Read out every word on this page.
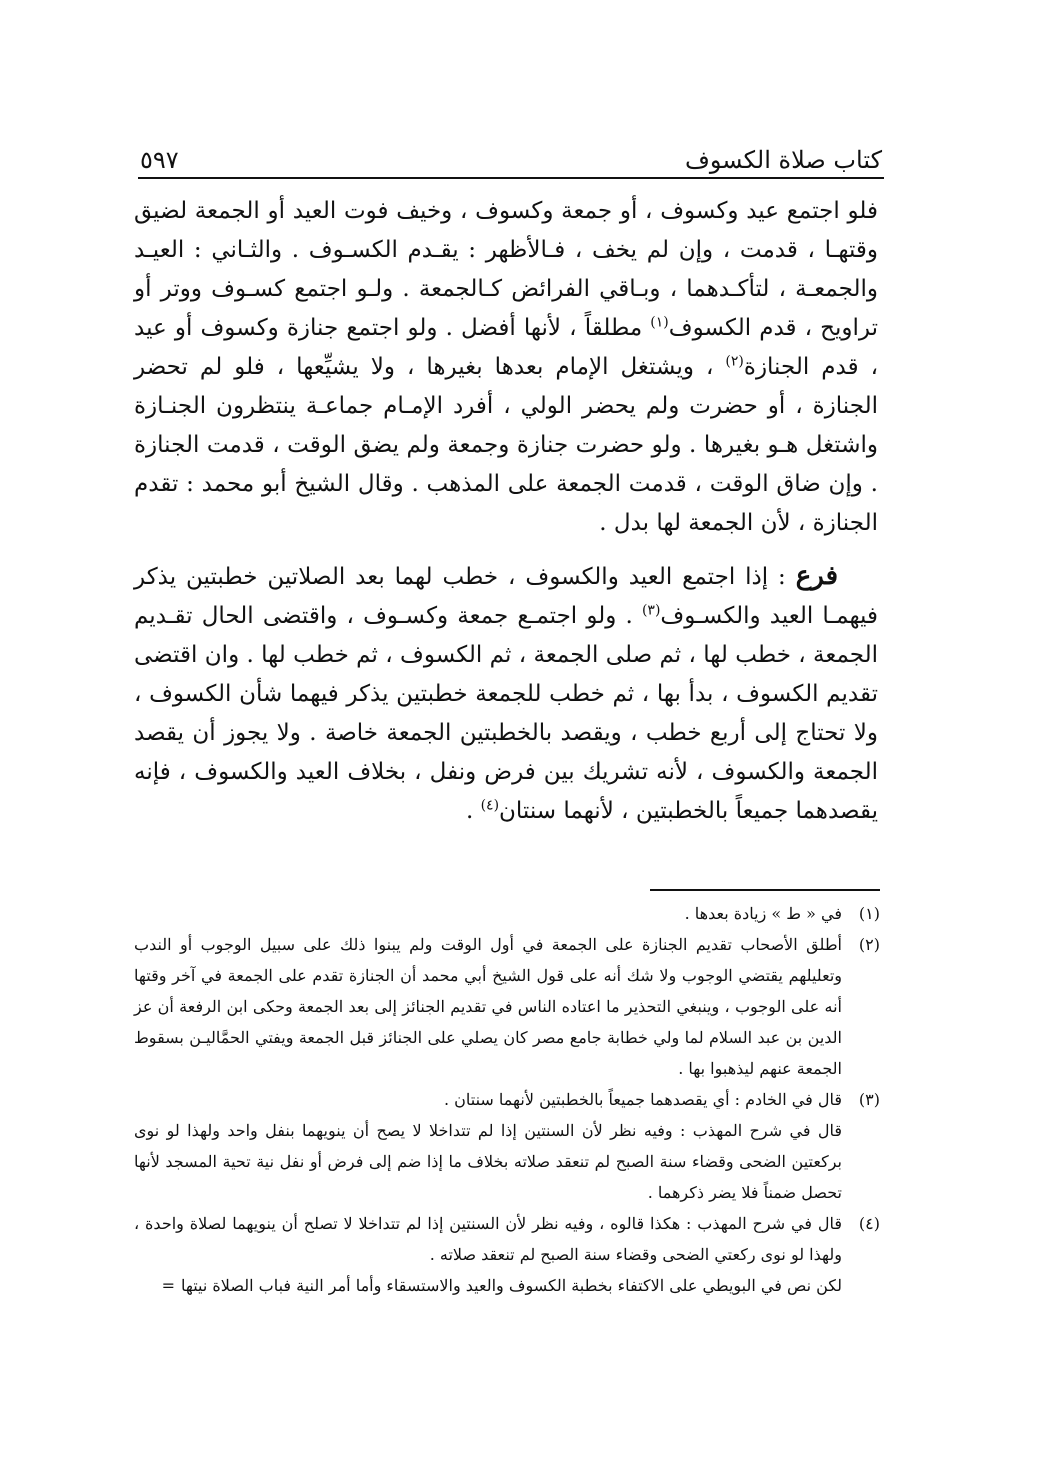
كتاب صلاة الكسوف
٥٩٧

فلو اجتمع عيد وكسوف ، أو جمعة وكسوف ، وخيف فوت العيد أو الجمعة لضيق وقتهـا ، قدمت ، وإن لم يخف ، فـالأظهر : يقـدم الكسـوف . والثـاني : العيـد والجمعـة ، لتأكـدهما ، وبـاقي الفرائض كـالجمعة . ولـو اجتمع كسـوف ووتر أو تراويح ، قدم الكسوف$^{(١)}$ مطلقاً ، لأنها أفضل . ولو اجتمع جنازة وكسوف أو عيد ، قدم الجنازة$^{(٢)}$ ، ويشتغل الإمام بعدها بغيرها ، ولا يشيِّعها ، فلو لم تحضر الجنازة ، أو حضرت ولم يحضر الولي ، أفرد الإمـام جماعـة ينتظرون الجنـازة واشتغل هـو بغيرها . ولو حضرت جنازة وجمعة ولم يضق الوقت ، قدمت الجنازة . وإن ضاق الوقت ، قدمت الجمعة على المذهب . وقال الشيخ أبو محمد : تقدم الجنازة ، لأن الجمعة لها بدل .

فرع : إذا اجتمع العيد والكسوف ، خطب لهما بعد الصلاتين خطبتين يذكر فيهمـا العيد والكسـوف$^{(٣)}$ . ولو اجتمـع جمعة وكسـوف ، واقتضى الحال تقـديم الجمعة ، خطب لها ، ثم صلى الجمعة ، ثم الكسوف ، ثم خطب لها . وان اقتضى تقديم الكسوف ، بدأ بها ، ثم خطب للجمعة خطبتين يذكر فيهما شأن الكسوف ، ولا تحتاج إلى أربع خطب ، ويقصد بالخطبتين الجمعة خاصة . ولا يجوز أن يقصد الجمعة والكسوف ، لأنه تشريك بين فرض ونفل ، بخلاف العيد والكسوف ، فإنه يقصدهما جميعاً بالخطبتين ، لأنهما سنتان$^{(٤)}$ .

(١)

في « ط » زيادة بعدها .

(٢)

أطلق الأصحاب تقديم الجنازة على الجمعة في أول الوقت ولم يبنوا ذلك على سبيل الوجوب أو الندب وتعليلهم يقتضي الوجوب ولا شك أنه على قول الشيخ أبي محمد أن الجنازة تقدم على الجمعة في آخر وقتها أنه على الوجوب ، وينبغي التحذير ما اعتاده الناس في تقديم الجنائز إلى بعد الجمعة وحكى ابن الرفعة أن عز الدين بن عبد السلام لما ولي خطابة جامع مصر كان يصلي على الجنائز قبل الجمعة ويفتي الحمَّاليـن بسقوط الجمعة عنهم ليذهبوا بها .

(٣)

قال في الخادم : أي يقصدهما جميعاً بالخطبتين لأنهما سنتان .

قال في شرح المهذب : وفيه نظر لأن السنتين إذا لم تتداخلا لا يصح أن ينويهما بنفل واحد ولهذا لو نوى بركعتين الضحى وقضاء سنة الصبح لم تنعقد صلاته بخلاف ما إذا ضم إلى فرض أو نفل نية تحية المسجد لأنها تحصل ضمناً فلا يضر ذكرهما .

(٤)

قال في شرح المهذب : هكذا قالوه ، وفيه نظر لأن السنتين إذا لم تتداخلا لا تصلح أن ينويهما لصلاة واحدة ، ولهذا لو نوى ركعتي الضحى وقضاء سنة الصبح لم تنعقد صلاته .

لكن نص في البويطي على الاكتفاء بخطبة الكسوف والعيد والاستسقاء وأما أمر النية فباب الصلاة نيتها=
